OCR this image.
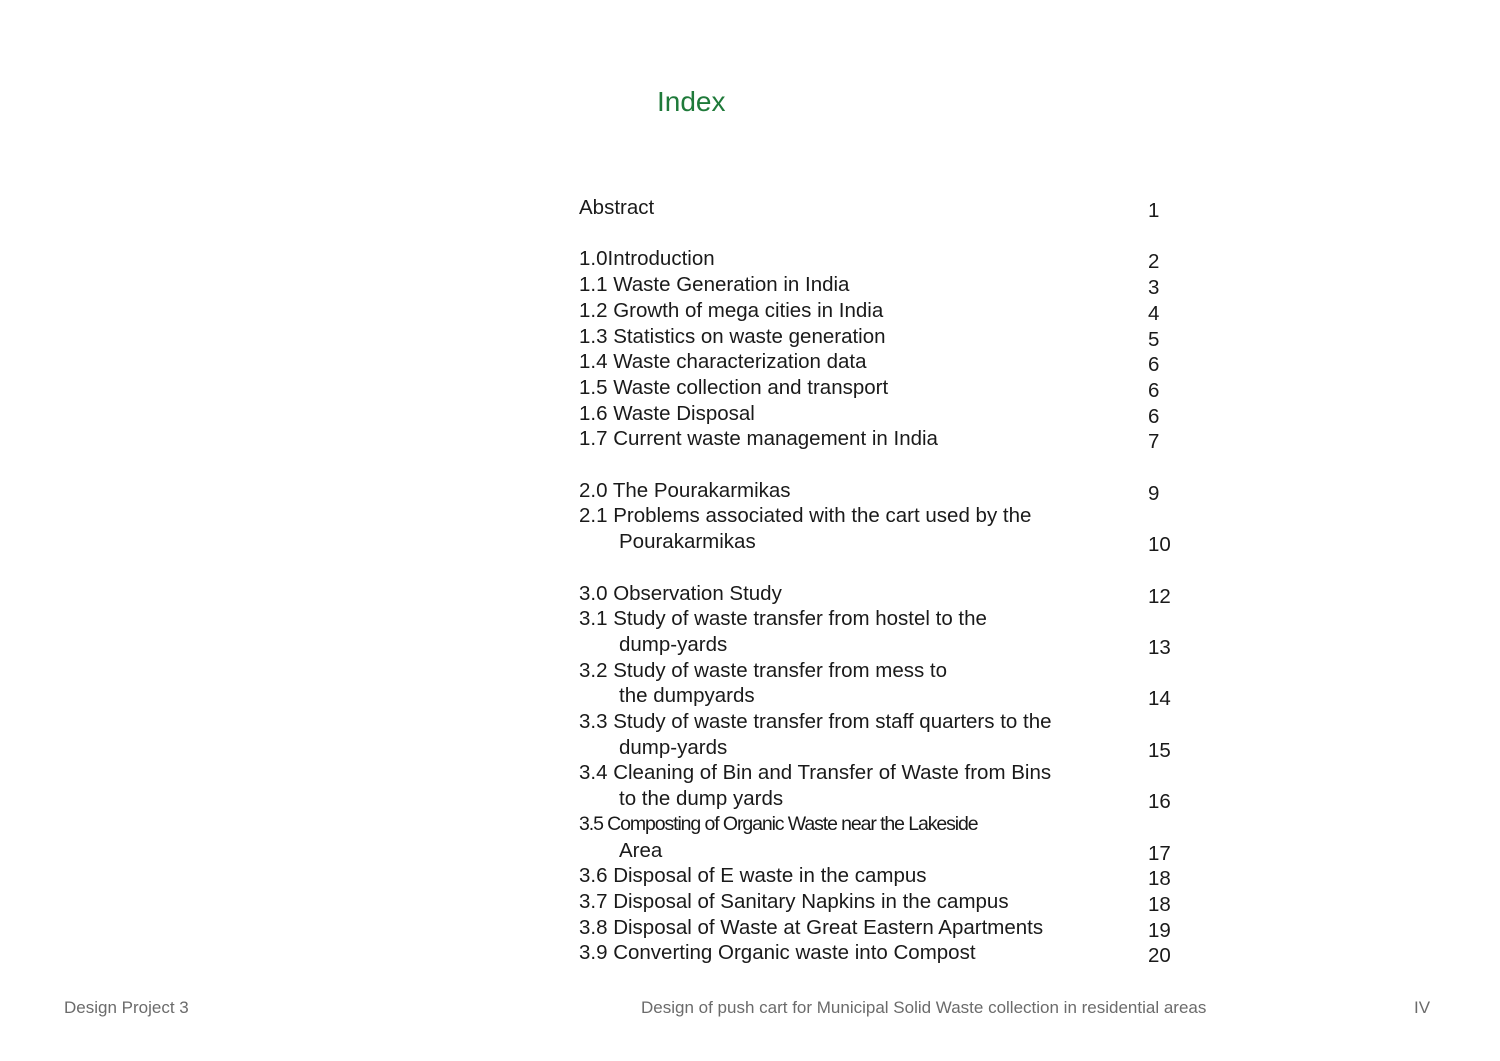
Index
Abstract	1
1.0Introduction	2
1.1 Waste Generation in India	3
1.2 Growth of mega cities in India	4
1.3 Statistics on waste generation	5
1.4 Waste characterization data	6
1.5 Waste collection and transport	6
1.6 Waste Disposal	6
1.7 Current waste management in India	7
2.0 The Pourakarmikas	9
2.1 Problems associated with the cart used by the
Pourakarmikas	10
3.0 Observation Study	12
3.1 Study of waste transfer from hostel to the
dump-yards	13
3.2 Study of waste transfer from mess to
the dumpyards	14
3.3 Study of waste transfer from staff quarters to the
dump-yards	15
3.4 Cleaning of Bin and Transfer of Waste from Bins
to the dump yards	16
3.5 Composting of Organic Waste near the Lakeside
Area	17
3.6 Disposal of E waste in the campus	18
3.7 Disposal of Sanitary Napkins in the campus	18
3.8 Disposal of Waste at Great Eastern Apartments	19
3.9 Converting Organic waste into Compost	20
Design Project 3	Design of push cart for Municipal Solid Waste collection in residential areas	IV
